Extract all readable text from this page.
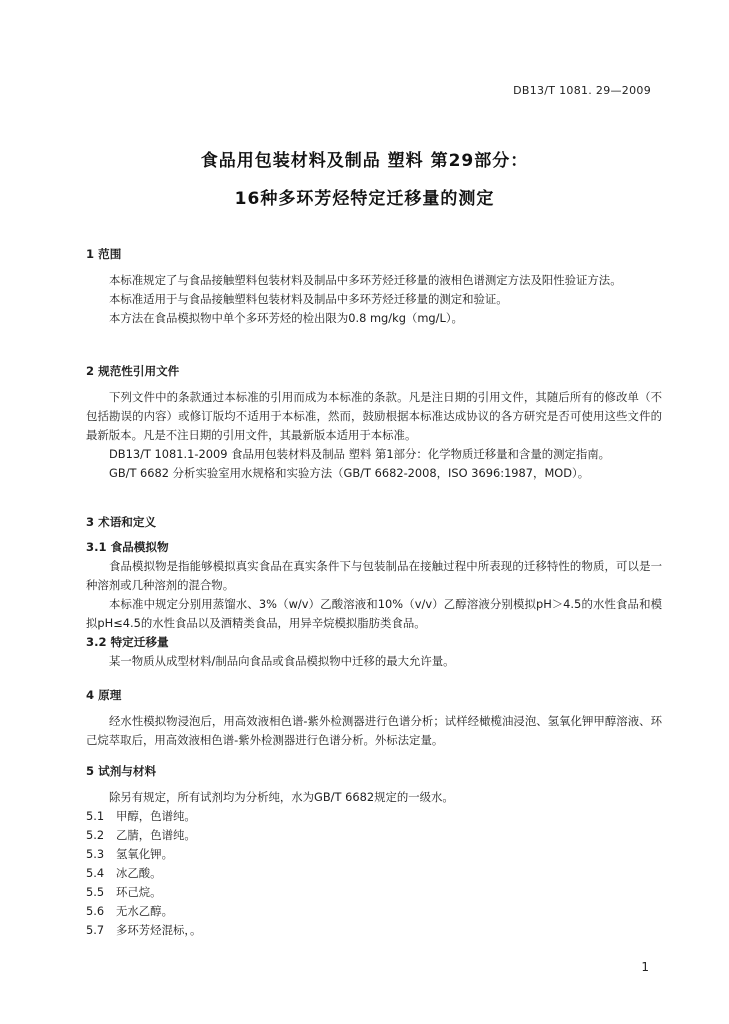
DB13/T 1081. 29—2009
食品用包装材料及制品 塑料 第29部分：
16种多环芳烃特定迁移量的测定

1 范围

本标准规定了与食品接触塑料包装材料及制品中多环芳烃迁移量的液相色谱测定方法及阳性验证方法。

本标准适用于与食品接触塑料包装材料及制品中多环芳烃迁移量的测定和验证。

本方法在食品模拟物中单个多环芳烃的检出限为0.8 mg/kg（mg/L）。

2 规范性引用文件

下列文件中的条款通过本标准的引用而成为本标准的条款。凡是注日期的引用文件，其随后所有的修改单（不包括勘误的内容）或修订版均不适用于本标准，然而，鼓励根据本标准达成协议的各方研究是否可使用这些文件的最新版本。凡是不注日期的引用文件，其最新版本适用于本标准。

DB13/T 1081.1-2009 食品用包装材料及制品 塑料 第1部分：化学物质迁移量和含量的测定指南。

GB/T 6682 分析实验室用水规格和实验方法（GB/T 6682-2008，ISO 3696:1987，MOD）。

3 术语和定义

3.1 食品模拟物

食品模拟物是指能够模拟真实食品在真实条件下与包装制品在接触过程中所表现的迁移特性的物质，可以是一种溶剂或几种溶剂的混合物。

本标准中规定分别用蒸馏水、3%（w/v）乙酸溶液和10%（v/v）乙醇溶液分别模拟pH＞4.5的水性食品和模拟pH≤4.5的水性食品以及酒精类食品，用异辛烷模拟脂肪类食品。

3.2 特定迁移量

某一物质从成型材料/制品向食品或食品模拟物中迁移的最大允许量。

4 原理

经水性模拟物浸泡后，用高效液相色谱-紫外检测器进行色谱分析；试样经橄榄油浸泡、氢氧化钾甲醇溶液、环己烷萃取后，用高效液相色谱-紫外检测器进行色谱分析。外标法定量。

5 试剂与材料

除另有规定，所有试剂均为分析纯，水为GB/T 6682规定的一级水。

5.1 甲醇，色谱纯。

5.2 乙腈，色谱纯。

5.3 氢氧化钾。

5.4 冰乙酸。

5.5 环己烷。

5.6 无水乙醇。

5.7 多环芳烃混标，。

1
